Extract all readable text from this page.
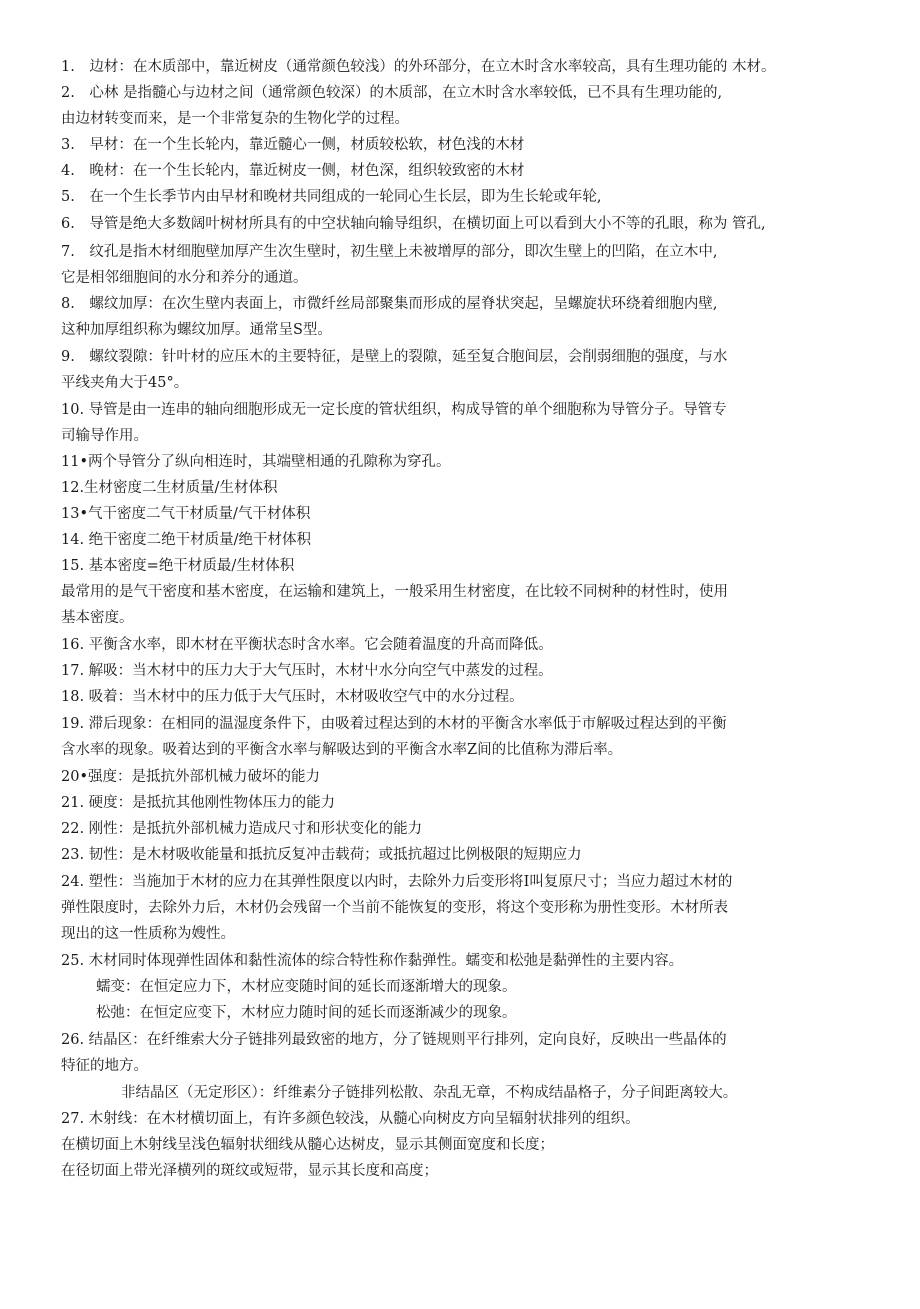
1.　边材：在木质部中，靠近树皮（通常颜色较浅）的外环部分，在立木时含水率较高，具有生理功能的 木材。
2.　心林 是指髓心与边材之间（通常颜色较深）的木质部，在立木时含水率较低，已不具有生理功能的,
由边材转变而来，是一个非常复杂的生物化学的过程。
3.　早材：在一个生长轮内，靠近髓心一侧，材质较松软，材色浅的木材
4.　晚材：在一个生长轮内，靠近树皮一侧，材色深，组织较致密的木材
5.　在一个生长季节内由早材和晚材共同组成的一轮同心生长层，即为生长轮或年轮,
6.　导管是绝大多数阔叶树材所具有的中空状轴向输导组织，在横切面上可以看到大小不等的孔眼，称为 管孔,
7.　纹孔是指木材细胞壁加厚产生次生壁时，初生壁上未被增厚的部分，即次生壁上的凹陷，在立木中,
它是相邻细胞间的水分和养分的通道。
8.　螺纹加厚：在次生壁内表面上，市微纤丝局部聚集而形成的屋脊状突起，呈螺旋状环绕着细胞内壁,
这种加厚组织称为螺纹加厚。通常呈S型。
9.　螺纹裂隙：针叶材的应压木的主要特征，是壁上的裂隙，延至复合胞间层，会削弱细胞的强度，与水
平线夹角大于45°。
10. 导管是由一连串的轴向细胞形成无一定长度的管状组织，构成导管的单个细胞称为导管分子。导管专
司输导作用。
11•两个导管分了纵向相连时，其端壁相通的孔隙称为穿孔。
12.生材密度二生材质量/生材体积
13•气干密度二气干材质量/气干材体积
14. 绝干密度二绝干材质量/绝干材体积
15. 基本密度=绝干材质最/生材体积
最常用的是气干密度和基木密度，在运输和建筑上，一般采用生材密度，在比较不同树种的材性时，使用
基本密度。
16. 平衡含水率，即木材在平衡状态时含水率。它会随着温度的升高而降低。
17. 解吸：当木材中的压力大于大气压时，木材屮水分向空气中蒸发的过程。
18. 吸着：当木材中的压力低于大气压时，木材吸收空气中的水分过程。
19. 滞后现象：在相同的温湿度条件下，由吸着过程达到的木材的平衡含水率低于市解吸过程达到的平衡
含水率的现象。吸着达到的平衡含水率与解吸达到的平衡含水率Z间的比值称为滞后率。
20•强度：是抵抗外部机械力破坏的能力
21. 硬度：是抵抗其他刚性物体压力的能力
22. 刚性：是抵抗外部机械力造成尺寸和形状变化的能力
23. 韧性：是木材吸收能量和抵抗反复冲击载荷；或抵抗超过比例极限的短期应力
24. 塑性：当施加于木材的应力在其弹性限度以内时，去除外力后变形将I叫复原尺寸；当应力超过木材的
弹性限度时，去除外力后，木材仍会残留一个当前不能恢复的变形，将这个变形称为册性变形。木材所表
现出的这一性质称为嫂性。
25. 木材同时体现弹性固体和黏性流体的综合特性称作黏弹性。蠕变和松弛是黏弹性的主要内容。
蠕变：在恒定应力下，木材应变随时间的延长而逐渐增大的现象。
松弛：在恒定应变下，木材应力随时间的延长而逐渐减少的现象。
26. 结晶区：在纤维索大分子链排列最致密的地方，分了链规则平行排列，定向良好，反映出一些晶体的
特征的地方。
非结晶区（无定形区）：纤维素分子链排列松散、杂乱无章，不构成结晶格子，分子间距离较大。
27. 木射线：在木材横切面上，有许多颜色较浅，从髓心向树皮方向呈辐射状排列的组织。
在横切面上木射线呈浅色辐射状细线从髓心达树皮，显示其侧面宽度和长度；
在径切面上带光泽横列的斑纹或短带，显示其长度和高度；
